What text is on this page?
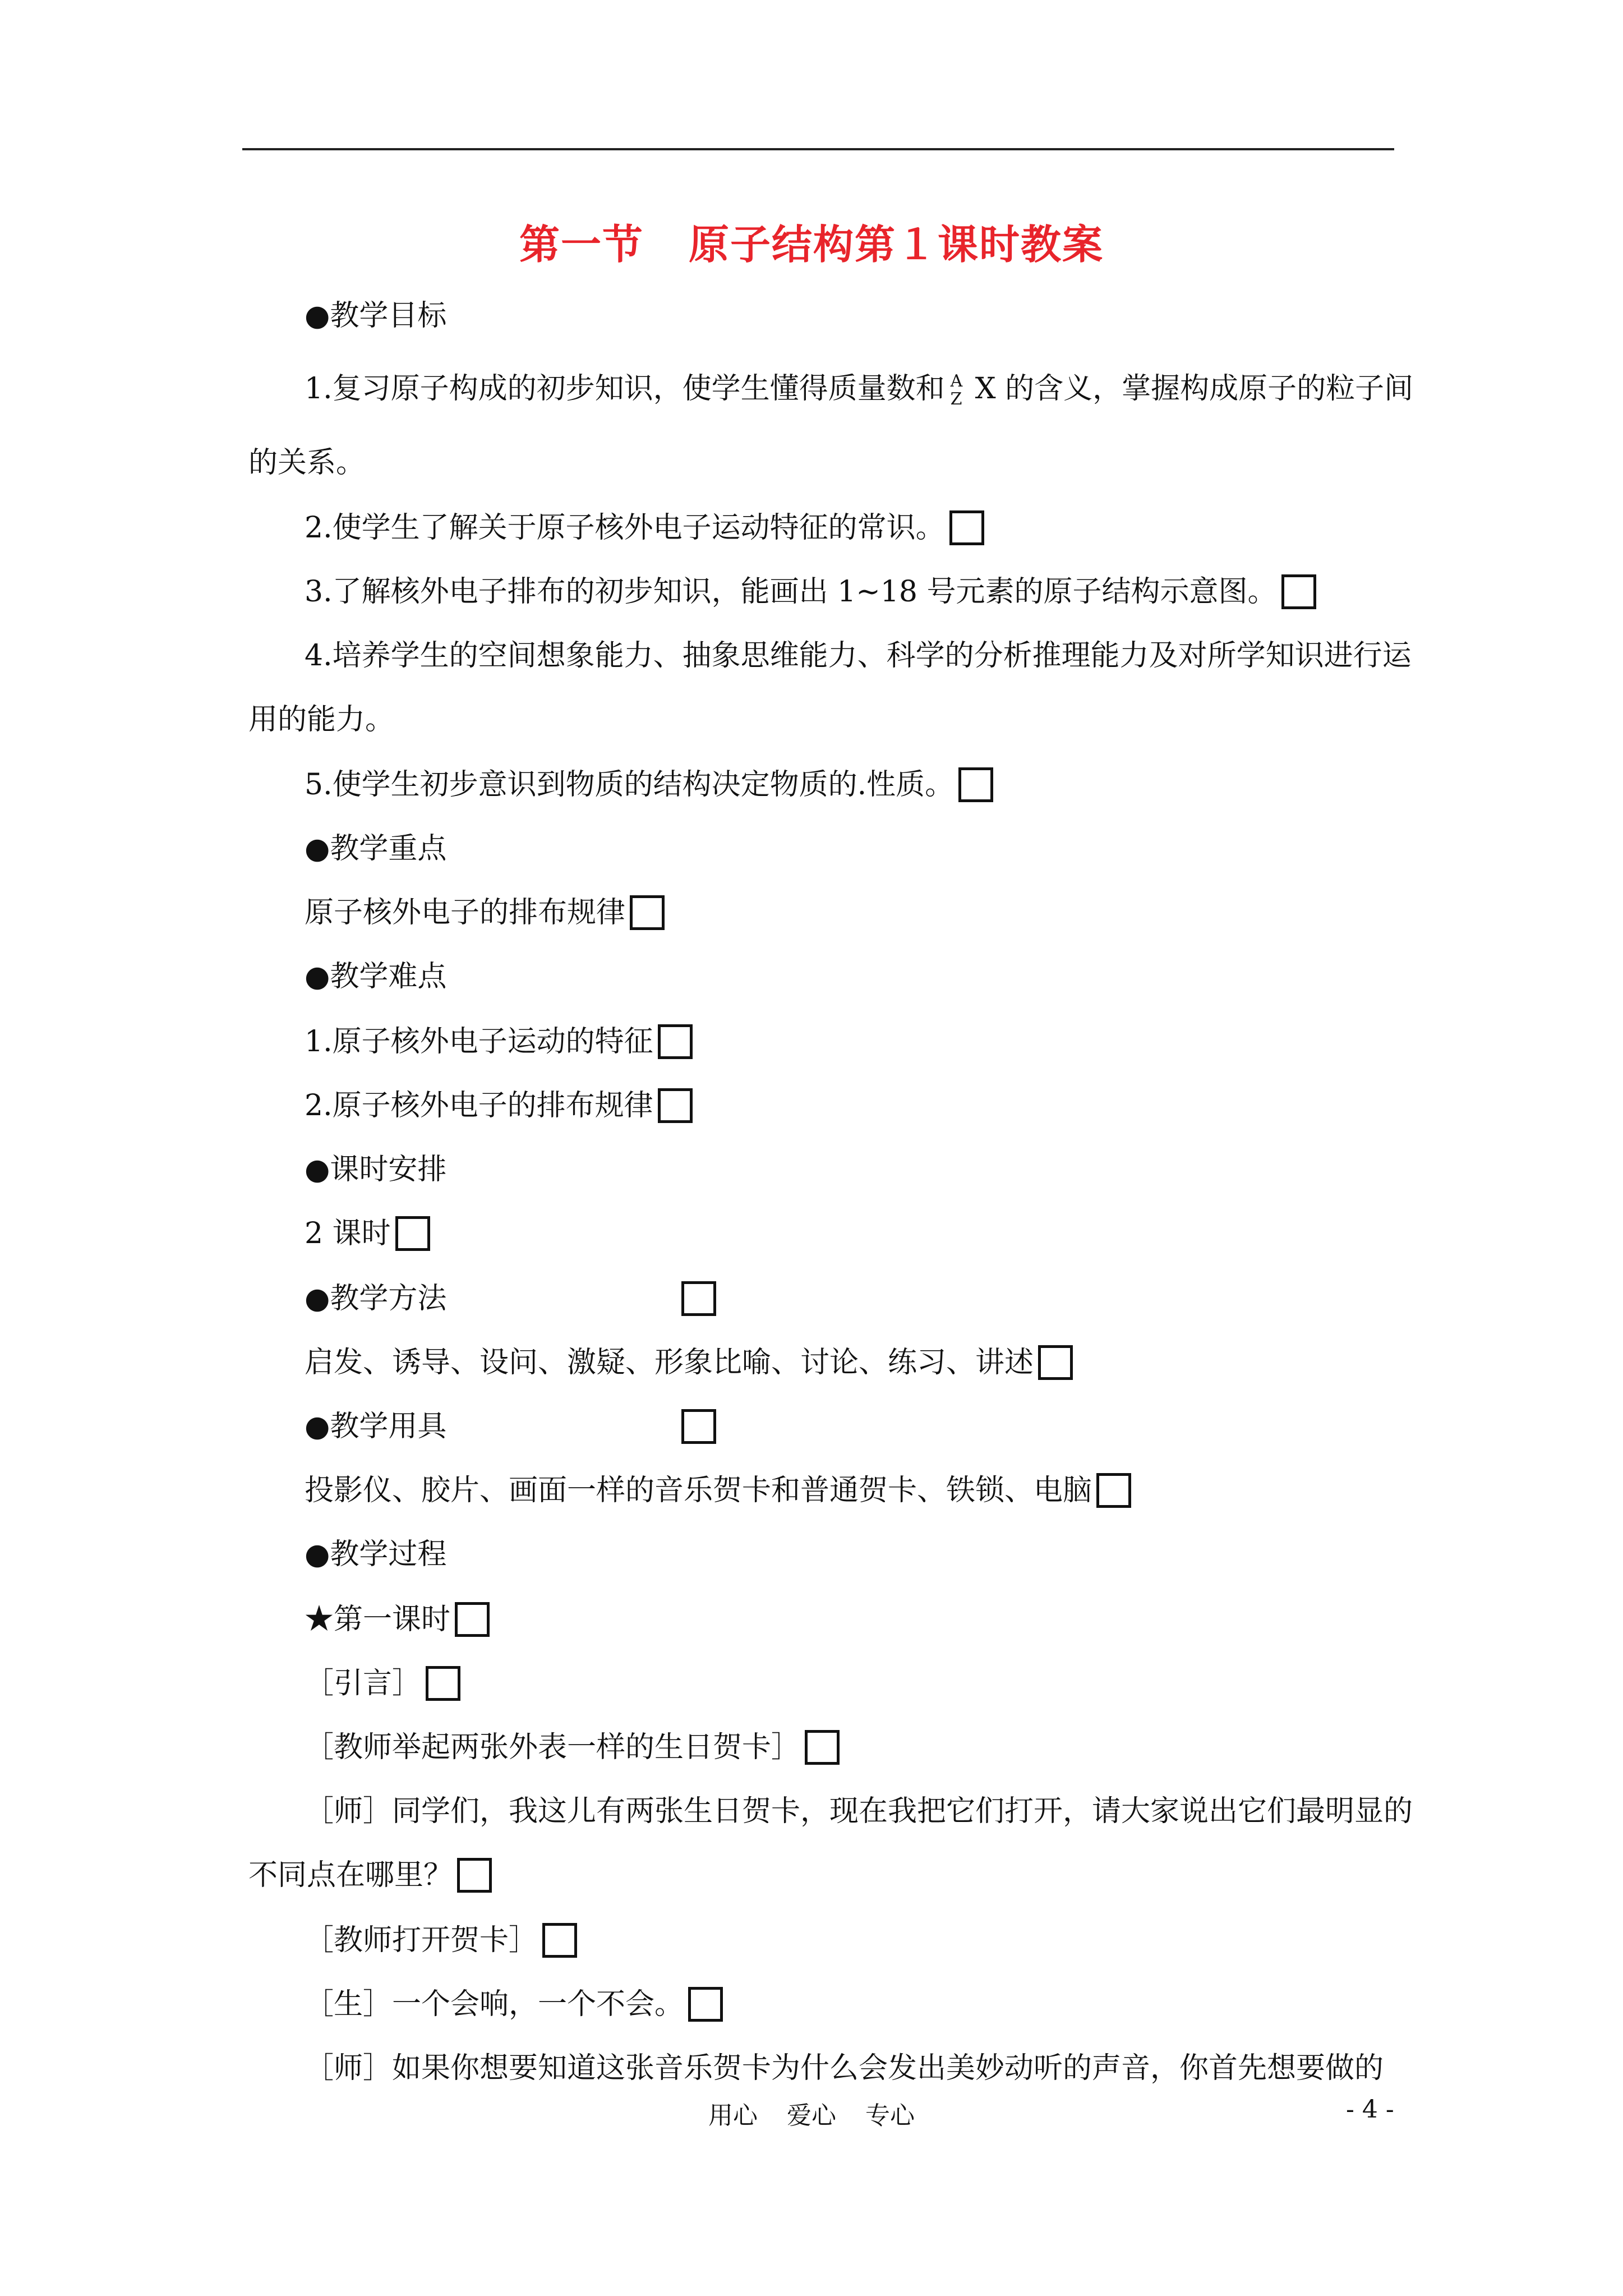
第一节 原子结构第１课时教案
●教学目标
1.复习原子构成的初步知识，使学生懂得质量数和 A
Z X 的含义，掌握构成原子的粒子间
的关系。
2.使学生了解关于原子核外电子运动特征的常识。
3.了解核外电子排布的初步知识，能画出 1~18 号元素的原子结构示意图。
4.培养学生的空间想象能力、抽象思维能力、科学的分析推理能力及对所学知识进行运
用的能力。
5.使学生初步意识到物质的结构决定物质的.性质。
●教学重点
原子核外电子的排布规律
●教学难点
1.原子核外电子运动的特征
2.原子核外电子的排布规律
●课时安排
2 课时
●教学方法
启发、诱导、设问、激疑、形象比喻、讨论、练习、讲述
●教学用具
投影仪、胶片、画面一样的音乐贺卡和普通贺卡、铁锁、电脑
●教学过程
★第一课时
［引言］
［教师举起两张外表一样的生日贺卡］
［师］同学们，我这儿有两张生日贺卡，现在我把它们打开，请大家说出它们最明显的
不同点在哪里？
［教师打开贺卡］
［生］一个会响，一个不会。
［师］如果你想要知道这张音乐贺卡为什么会发出美妙动听的声音，你首先想要做的
用心 爱心 专心	- 4 -
